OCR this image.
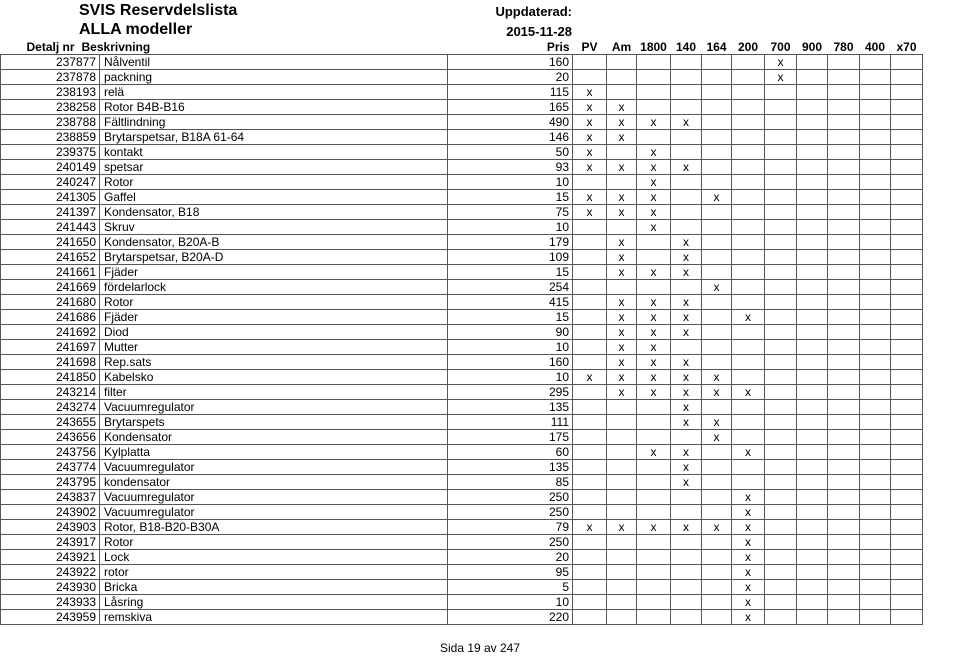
SVIS Reservdelslista
ALLA modeller
Uppdaterad:
2015-11-28
Detalj nr		Beskrivning	Pris	PV	Am	1800	140	164	200	700	900	780	400	x70
237877	Nålventil	160							x				
237878	packning	20							x				
238193	relä	115	x										
238258	Rotor B4B-B16	165	x	x									
238788	Fältlindning	490	x	x	x	x							
238859	Brytarspetsar, B18A 61-64	146	x	x									
239375	kontakt	50	x		x								
240149	spetsar	93	x	x	x	x							
240247	Rotor	10			x								
241305	Gaffel	15	x	x	x		x						
241397	Kondensator, B18	75	x	x	x								
241443	Skruv	10			x								
241650	Kondensator, B20A-B	179		x		x							
241652	Brytarspetsar, B20A-D	109		x		x							
241661	Fjäder	15		x	x	x							
241669	fördelarlock	254					x						
241680	Rotor	415		x	x	x							
241686	Fjäder	15		x	x	x		x					
241692	Diod	90		x	x	x							
241697	Mutter	10		x	x								
241698	Rep.sats	160		x	x	x							
241850	Kabelsko	10	x	x	x	x	x						
243214	filter	295		x	x	x	x	x					
243274	Vacuumregulator	135				x							
243655	Brytarspets	111				x	x						
243656	Kondensator	175					x						
243756	Kylplatta	60			x	x		x					
243774	Vacuumregulator	135				x							
243795	kondensator	85				x							
243837	Vacuumregulator	250						x					
243902	Vacuumregulator	250						x					
243903	Rotor, B18-B20-B30A	79	x	x	x	x	x	x					
243917	Rotor	250						x					
243921	Lock	20						x					
243922	rotor	95						x					
243930	Bricka	5						x					
243933	Låsring	10						x					
243959	remskiva	220						x					
Sida 19 av 247
